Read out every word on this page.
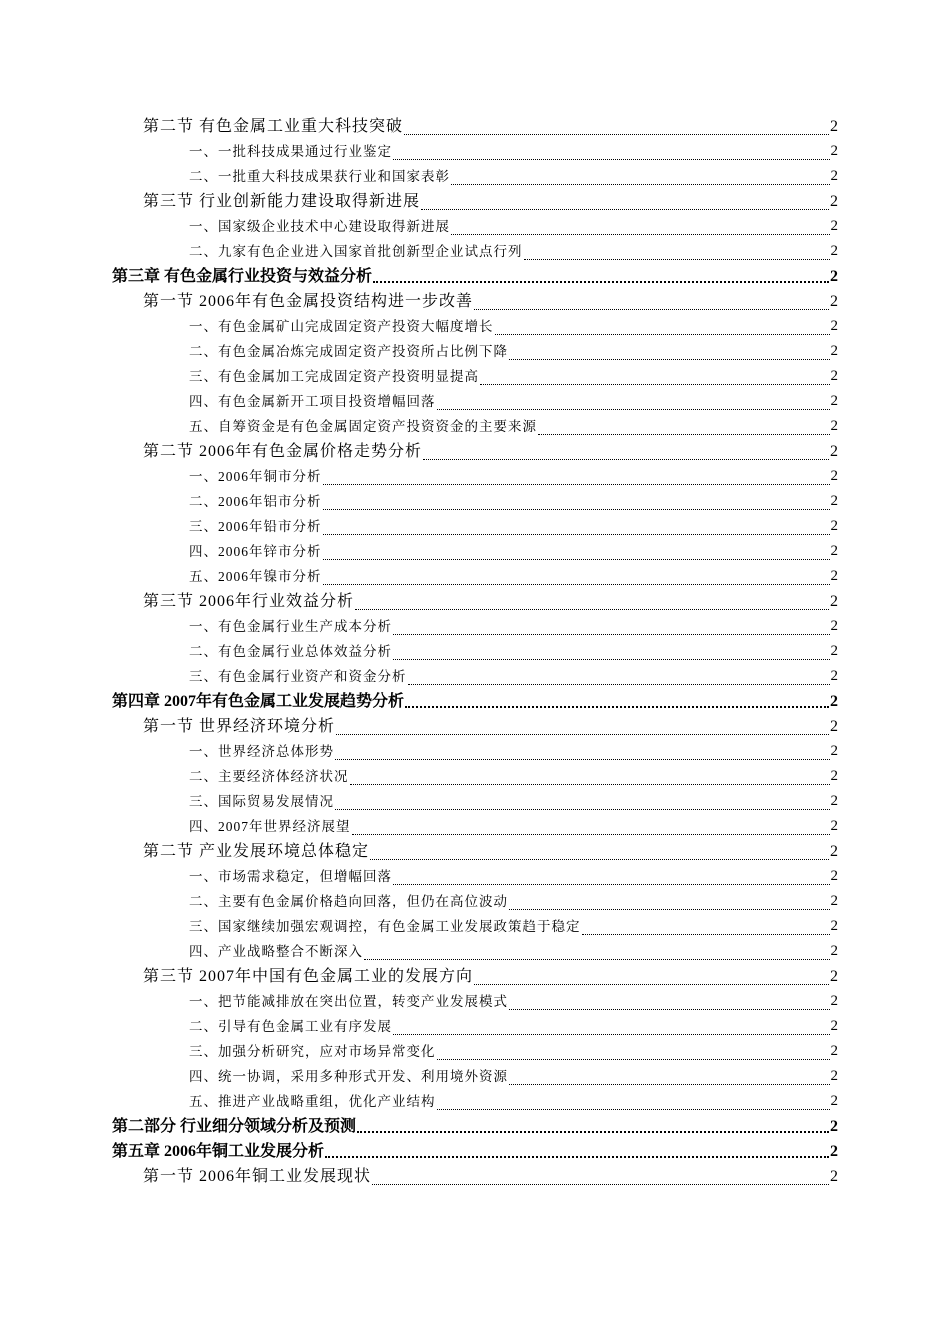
第二节 有色金属工业重大科技突破	2
一、一批科技成果通过行业鉴定	2
二、一批重大科技成果获行业和国家表彰	2
第三节 行业创新能力建设取得新进展	2
一、国家级企业技术中心建设取得新进展	2
二、九家有色企业进入国家首批创新型企业试点行列	2
第三章 有色金属行业投资与效益分析	2
第一节 2006年有色金属投资结构进一步改善	2
一、有色金属矿山完成固定资产投资大幅度增长	2
二、有色金属冶炼完成固定资产投资所占比例下降	2
三、有色金属加工完成固定资产投资明显提高	2
四、有色金属新开工项目投资增幅回落	2
五、自筹资金是有色金属固定资产投资资金的主要来源	2
第二节 2006年有色金属价格走势分析	2
一、2006年铜市分析	2
二、2006年铝市分析	2
三、2006年铅市分析	2
四、2006年锌市分析	2
五、2006年镍市分析	2
第三节 2006年行业效益分析	2
一、有色金属行业生产成本分析	2
二、有色金属行业总体效益分析	2
三、有色金属行业资产和资金分析	2
第四章 2007年有色金属工业发展趋势分析	2
第一节 世界经济环境分析	2
一、世界经济总体形势	2
二、主要经济体经济状况	2
三、国际贸易发展情况	2
四、2007年世界经济展望	2
第二节 产业发展环境总体稳定	2
一、市场需求稳定，但增幅回落	2
二、主要有色金属价格趋向回落，但仍在高位波动	2
三、国家继续加强宏观调控，有色金属工业发展政策趋于稳定	2
四、产业战略整合不断深入	2
第三节 2007年中国有色金属工业的发展方向	2
一、把节能减排放在突出位置，转变产业发展模式	2
二、引导有色金属工业有序发展	2
三、加强分析研究，应对市场异常变化	2
四、统一协调，采用多种形式开发、利用境外资源	2
五、推进产业战略重组，优化产业结构	2
第二部分 行业细分领域分析及预测	2
第五章 2006年铜工业发展分析	2
第一节 2006年铜工业发展现状	2
